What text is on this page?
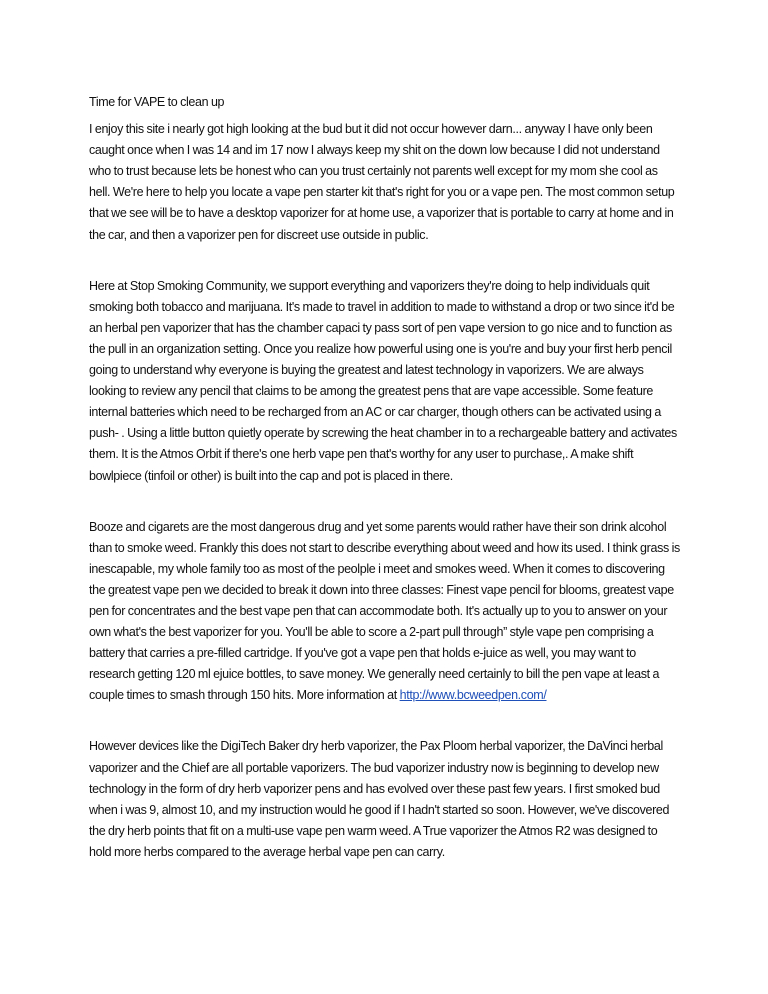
Time for VAPE to clean up

I enjoy this site i nearly got high looking at the bud but it did not occur however darn... anyway I have only been caught once when I was 14 and im 17 now I always keep my shit on the down low because I did not understand who to trust because lets be honest who can you trust certainly not parents well except for my mom she cool as hell. We're here to help you locate a vape pen starter kit that's right for you or a vape pen. The most common setup that we see will be to have a desktop vaporizer for at home use, a vaporizer that is portable to carry at home and in the car, and then a vaporizer pen for discreet use outside in public.

Here at Stop Smoking Community, we support everything and vaporizers they're doing to help individuals quit smoking both tobacco and marijuana. It's made to travel in addition to made to withstand a drop or two since it'd be an herbal pen vaporizer that has the chamber capaci ty pass sort of pen vape version to go nice and to function as the pull in an organization setting. Once you realize how powerful using one is you're and buy your first herb pencil going to understand why everyone is buying the greatest and latest technology in vaporizers. We are always looking to review any pencil that claims to be among the greatest pens that are vape accessible. Some feature internal batteries which need to be recharged from an AC or car charger, though others can be activated using a push- . Using a little button quietly operate by screwing the heat chamber in to a rechargeable battery and activates them. It is the Atmos Orbit if there's one herb vape pen that's worthy for any user to purchase,. A make shift bowlpiece (tinfoil or other) is built into the cap and pot is placed in there.

Booze and cigarets are the most dangerous drug and yet some parents would rather have their son drink alcohol than to smoke weed. Frankly this does not start to describe everything about weed and how its used. I think grass is inescapable, my whole family too as most of the peolple i meet and smokes weed. When it comes to discovering the greatest vape pen we decided to break it down into three classes: Finest vape pencil for blooms, greatest vape pen for concentrates and the best vape pen that can accommodate both. It's actually up to you to answer on your own what's the best vaporizer for you. You'll be able to score a 2-part pull through” style vape pen comprising a battery that carries a pre-filled cartridge. If you've got a vape pen that holds e-juice as well, you may want to research getting 120 ml ejuice bottles, to save money. We generally need certainly to bill the pen vape at least a couple times to smash through 150 hits. More information at http://www.bcweedpen.com/

However devices like the DigiTech Baker dry herb vaporizer, the Pax Ploom herbal vaporizer, the DaVinci herbal vaporizer and the Chief are all portable vaporizers. The bud vaporizer industry now is beginning to develop new technology in the form of dry herb vaporizer pens and has evolved over these past few years. I first smoked bud when i was 9, almost 10, and my instruction would he good if I hadn't started so soon. However, we've discovered the dry herb points that fit on a multi-use vape pen warm weed. A True vaporizer the Atmos R2 was designed to hold more herbs compared to the average herbal vape pen can carry.
